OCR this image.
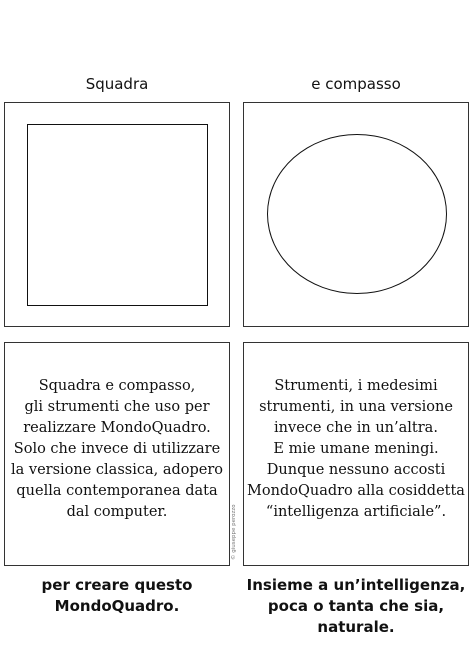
Squadra	e compasso
Squadra e compasso,
gli strumenti che uso per
realizzare MondoQuadro.
Solo che invece di utilizzare
la versione classica, adopero
quella contemporanea data
dal computer.
Strumenti, i medesimi
strumenti, in una versione
invece che in un’altra.
E mie umane meningi.
Dunque nessuno accosti
MondoQuadro alla cosiddetta
“intelligenza artificiale”.
© giuseppe perozzo
per creare questo
MondoQuadro.
Insieme a un’intelligenza,
poca o tanta che sia,
naturale.
